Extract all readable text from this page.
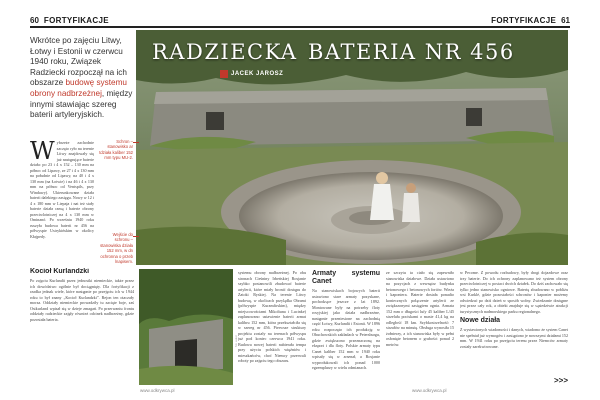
60 FORTYFIKACJE	FORTYFIKACJE 61
Wkrótce po zajęciu Litwy, Łotwy i Estonii w czerwcu 1940 roku, Związek Radziecki rozpoczął na ich obszarze budowę systemu obrony nadbrzeżnej, między innymi stawiając szereg baterii artyleryjskich.
RADZIECKA BATERIA NR 456
JACEK JAROSZ
Schron – stanowisko ar tdziała kaliber 152 mm typu MU-2.
Wejście do schronu – stanowiska działa 152 mm, w dn ochronna o przeb lnapisem.
W ybrzeże zachodnie zaczęto ryło na terenie Litwy znajdowały się już następujące baterie działa: po 23 i 4 x 152 – 130 mm na północ od Lipawy, ze 27 i 4 x 130 mm na południe od Lipawy, na 40 i 4 x 130 mm (na Łotwie) i na 46 i 4 x 130 mm na północ od Ventspils, przy Windawy). Ukierunkowane działa baterii dalekiego zasięgu. Nowy w 12 i 4 x 180 mm w Liepaja i nat też stały baterie działa ramą i baterie obrony przeciwlotniczej na 4 x 130 mm w Ominanó. Po wrześniu 1940 roku ruszyła budowa baterii nr 456 na półwyspie Ustrykińskim w okolicy Kłajpedy.
Kocioł Kurlandzki
Po zajęciu Kurlandii przez jednostki niemieckie, także przez ich dowództwo ogólnie był dociągnięty. Dla fortyfikacji z rzadka jednak wiele, które następnie po przejęciu ich w 1944 roku to był znany „Kocioł Kurlandzki”. Rejon ten otaczały morza. Oddziały niemieckie prowadziły tu zacięte boje, zaś Ostkurland wpisał się w dzieje zmagań. Po przerwaniu frontu oddziały radzieckie zajęły również odcinek nadbrzeżny, gdzie pozostała bateria.
fot. autor
systemu obrony nadbrzeżnej. Po obu stronach Cieśniny Irbeńskiej Rosjanie szybko postanowili zbudować baterie artylerii, które miały bronić dostępu do Zatoki Ryskiej. Na terenie Litwy budowę, w okolicach przylądka Obrami (półwyspie Kuramfirskim), między miejscowościami Mikoltuna i Lucinke) zaplanowano ustawienie baterii armat kalibru 152 mm, która przekształciła się w szereg nr 456. Pierwsze struktury projektu zostały na terenach półwyspu już pod koniec czerwca 1941 roku. Budowa nowej baterii nabierała tempa przy użyciu polskich więźniów i mieszkańców, choć Niemcy przerwali roboty po zajęciu tego obszaru.
Armaty systemu Canet
Na stanowiskach bojowych baterii ustawiono stare armaty pozyskane, pochodzące jeszcze z lat 1892. Montowane były na potrzeby floty rosyjskiej jako działa nadbrzeżne, następnie przeniesione na zachodnią część Łotwy, Kurlandii i Estonii. W 1896 roku rozpoczęto ich produkcję w Obuchowskich zakładach w Petersburgu, gdzie zwiększono przeznaczoną na eksport i dla floty. Polskie armaty typu Canet kaliber 152 mm w 1940 roku wpisały się w arsenał, a Rosjanie wyprodukowali ich ponad 1000 egzemplarzy w wielu odmianach.
ze szczytu ta ciało się zapewniło stanowiska działowe. Działa ustawiono na pozycjach z wewnątrz budynku betonowego i betonowych fortów. Wieża i kaponiera. Baterie dostała ponadto koniecznych połączenie artylerii ze zwiększonymi zasięgiem ognia. Armata 152 mm o długości lufy 45 kaliber L/45 strzelała pociskami o masie 41,4 kg na odległość 18 km. Szybkostrzelność: 7 strzałów na minutę. Obsługa wynosiła 15 żołnierzy, a ich stanowiska były w pełni osłonięte betonem o grubości ponad 2 metrów.
w Pecome. Z powodu rozbudowy, były drogi dojazdowe oraz trzy baterie. Do ich ochrony zaplanowano też system obrony przeciwlotniczej w postaci dwóch działek. Do dziś zachowało się tylko jedno stanowisko ogniowe. Baterię zbudowano w pobliżu wsi Karklė, gdzie pozostałości schronów i kaponier możemy odwiedzać po dziś dzień w sposób wolny. Zwiedzanie dostępne jest przez cały rok, a obiekt znajduje się w sąsiedztwie atrakcji turystycznych nadmorskiego parku regionalnego.
Nowe działa
Z wystawionych wiadomości i danych, wiadomo że system Canet nie spełniał już wymogów i zastąpiono je nowszymi działami 152 mm. W 1941 roku po przejęciu terenu przez Niemców armaty zostały zarekwirowane.
>>>
www.odkrywca.pl	www.odkrywca.pl
